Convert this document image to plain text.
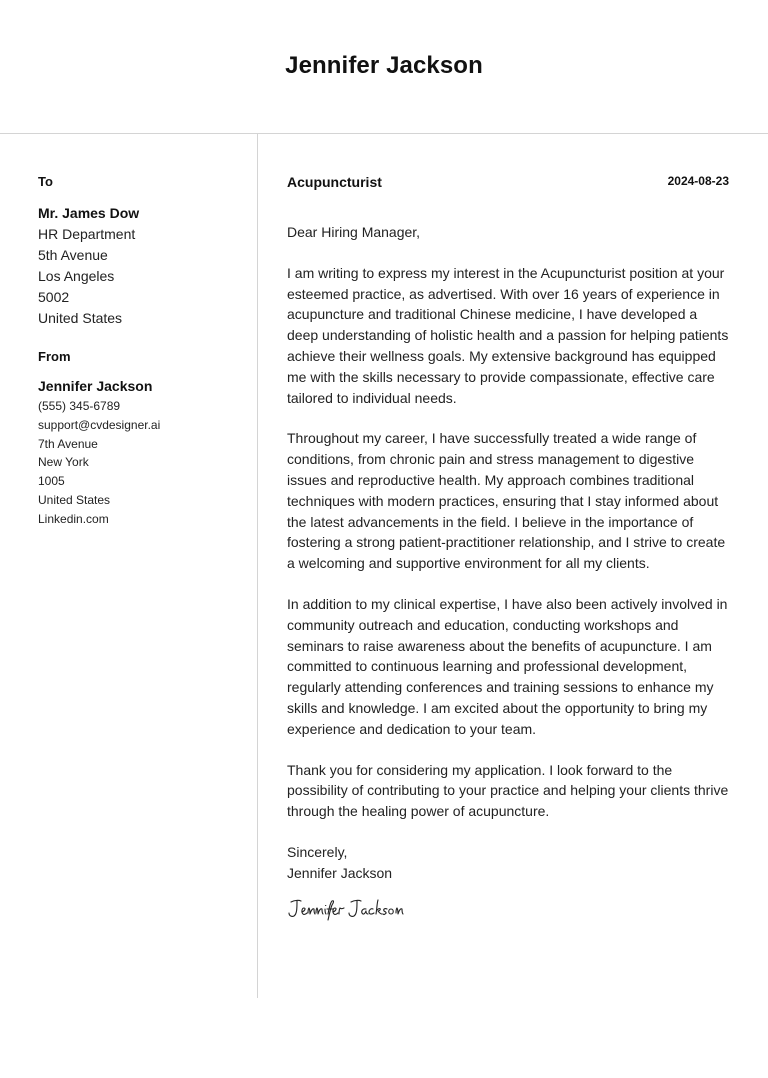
Jennifer Jackson
To
Mr. James Dow
HR Department
5th Avenue
Los Angeles
5002
United States
From
Jennifer Jackson
(555) 345-6789
support@cvdesigner.ai
7th Avenue
New York
1005
United States
Linkedin.com
Acupuncturist	2024-08-23
Dear Hiring Manager,
I am writing to express my interest in the Acupuncturist position at your esteemed practice, as advertised. With over 16 years of experience in acupuncture and traditional Chinese medicine, I have developed a deep understanding of holistic health and a passion for helping patients achieve their wellness goals. My extensive background has equipped me with the skills necessary to provide compassionate, effective care tailored to individual needs.
Throughout my career, I have successfully treated a wide range of conditions, from chronic pain and stress management to digestive issues and reproductive health. My approach combines traditional techniques with modern practices, ensuring that I stay informed about the latest advancements in the field. I believe in the importance of fostering a strong patient-practitioner relationship, and I strive to create a welcoming and supportive environment for all my clients.
In addition to my clinical expertise, I have also been actively involved in community outreach and education, conducting workshops and seminars to raise awareness about the benefits of acupuncture. I am committed to continuous learning and professional development, regularly attending conferences and training sessions to enhance my skills and knowledge. I am excited about the opportunity to bring my experience and dedication to your team.
Thank you for considering my application. I look forward to the possibility of contributing to your practice and helping your clients thrive through the healing power of acupuncture.
Sincerely,
Jennifer Jackson
